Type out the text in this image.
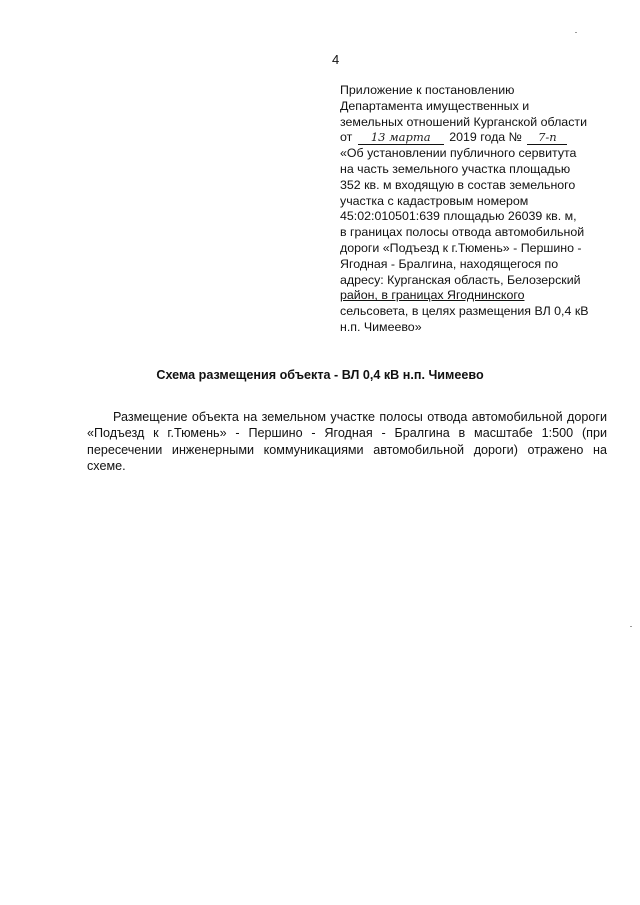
4
Приложение к постановлению
Департамента имущественных и
земельных отношений Курганской области
от 13 марта 2019 года № 7-п
«Об установлении публичного сервитута
на часть земельного участка площадью
352 кв. м входящую в состав земельного
участка с кадастровым номером
45:02:010501:639 площадью 26039 кв. м,
в границах полосы отвода автомобильной
дороги «Подъезд к г.Тюмень» - Першино -
Ягодная - Бралгина, находящегося по
адресу: Курганская область, Белозерский
район, в границах Ягоднинского
сельсовета, в целях размещения ВЛ 0,4 кВ
н.п. Чимеево»
Схема размещения объекта - ВЛ 0,4 кВ н.п. Чимеево

Размещение объекта на земельном участке полосы отвода автомобильной дороги «Подъезд к г.Тюмень» - Першино - Ягодная - Бралгина в масштабе 1:500 (при пересечении инженерными коммуникациями автомобильной дороги) отражено на схеме.
